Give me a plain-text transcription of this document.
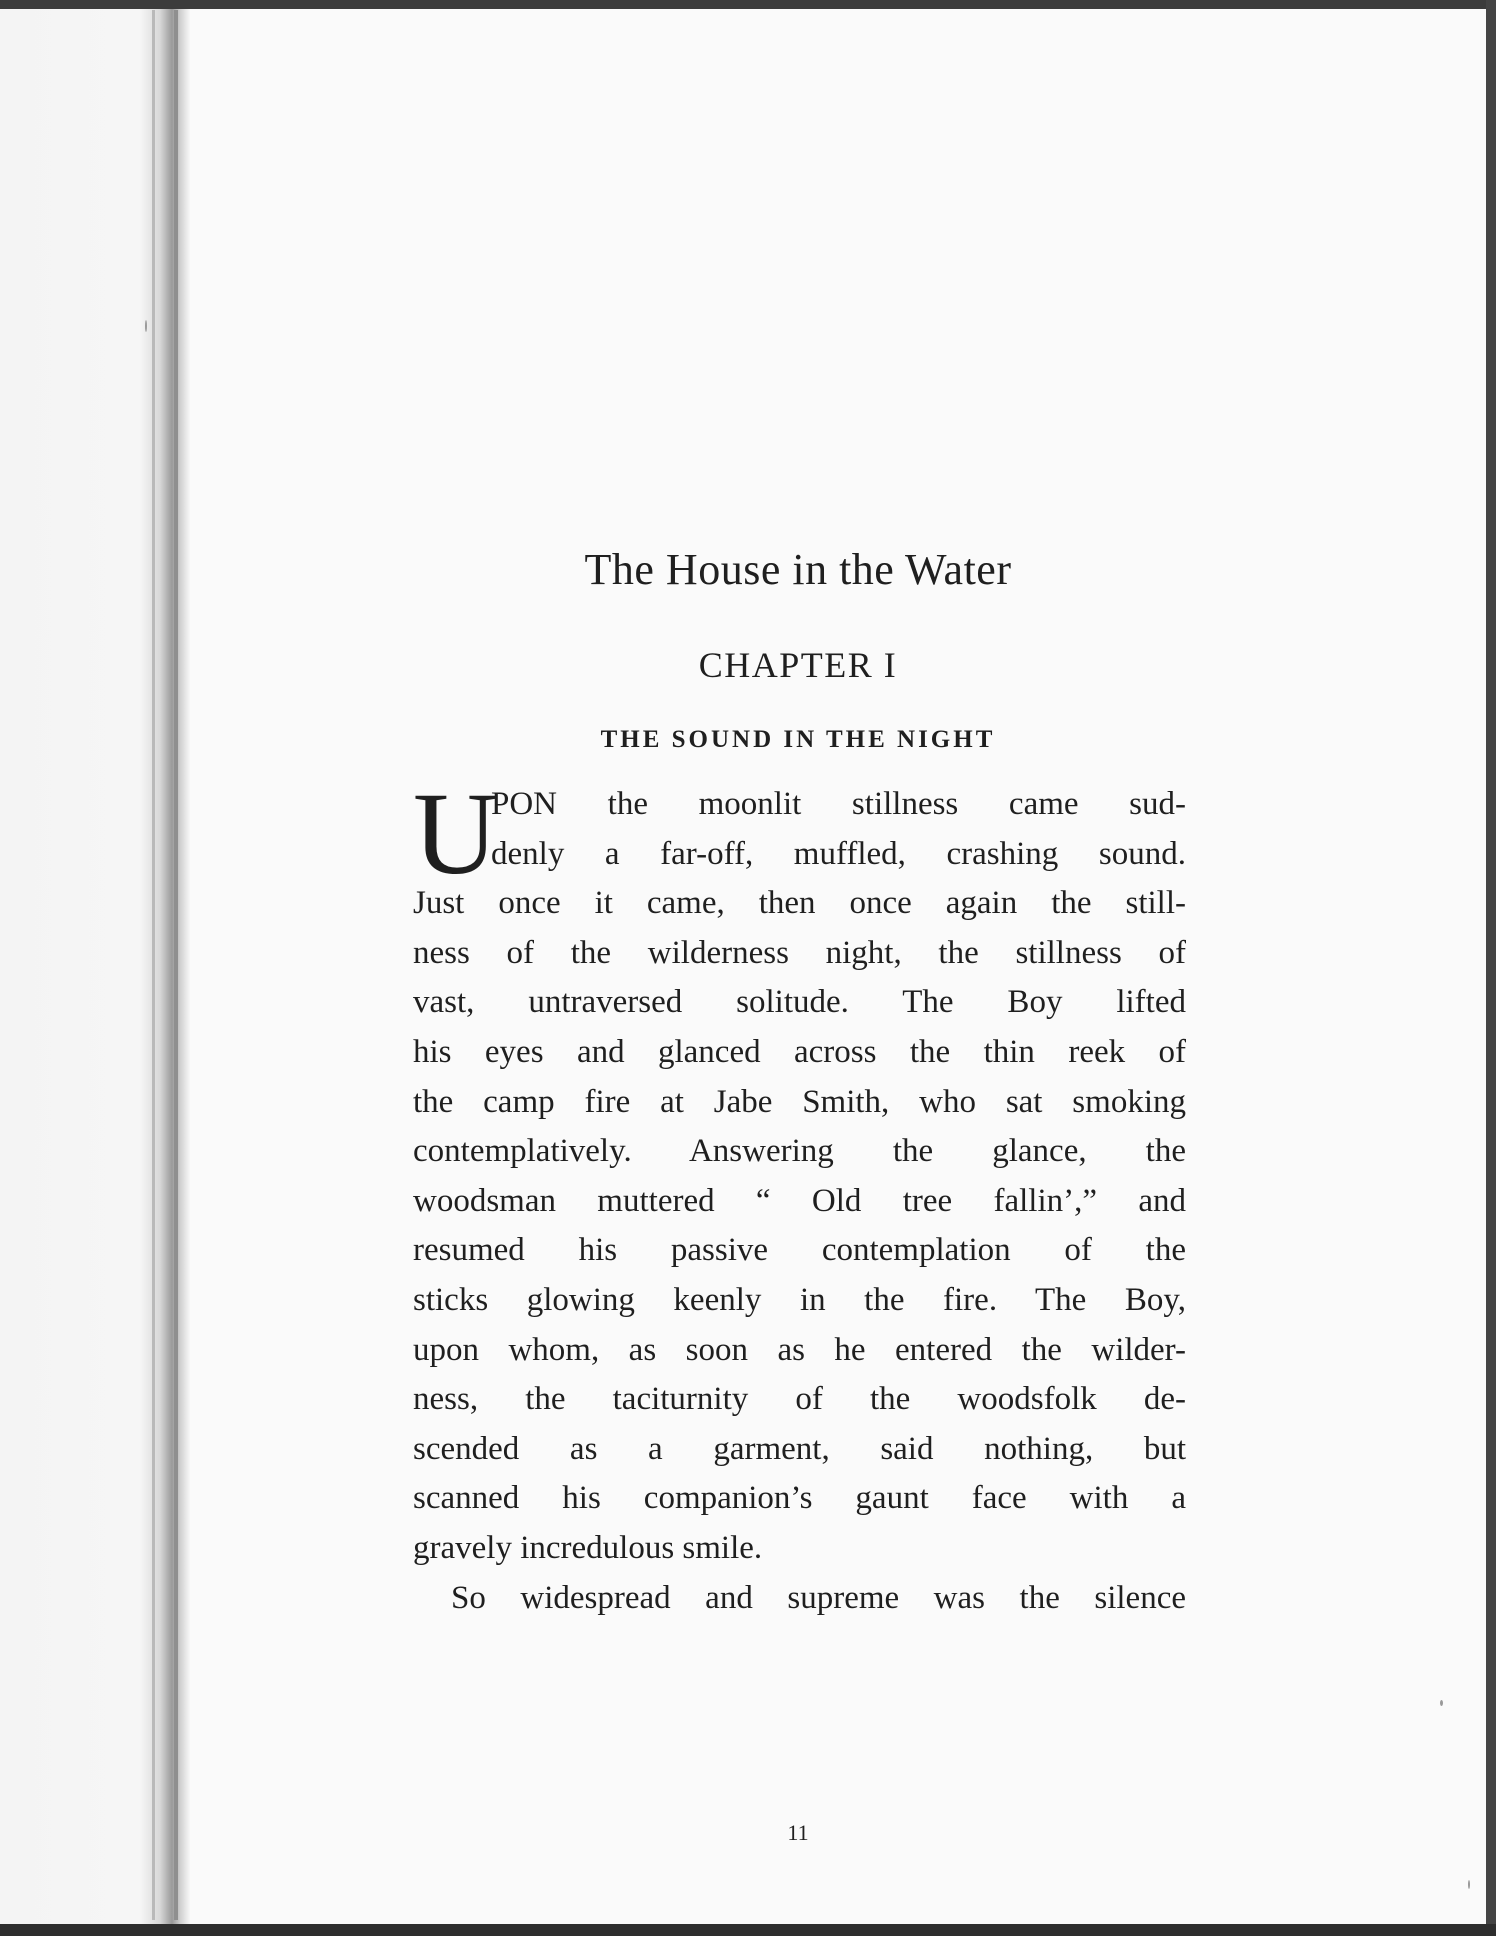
The House in the Water
CHAPTER I
THE SOUND IN THE NIGHT
U
PON the moonlit stillness came sud-
denly a far-off, muffled, crashing sound.
Just once it came, then once again the still-
ness of the wilderness night, the stillness of
vast, untraversed solitude. The Boy lifted
his eyes and glanced across the thin reek of
the camp fire at Jabe Smith, who sat smoking
contemplatively. Answering the glance, the
woodsman muttered “ Old tree fallin’,” and
resumed his passive contemplation of the
sticks glowing keenly in the fire. The Boy,
upon whom, as soon as he entered the wilder-
ness, the taciturnity of the woodsfolk de-
scended as a garment, said nothing, but
scanned his companion’s gaunt face with a
gravely incredulous smile.
So widespread and supreme was the silence
11
